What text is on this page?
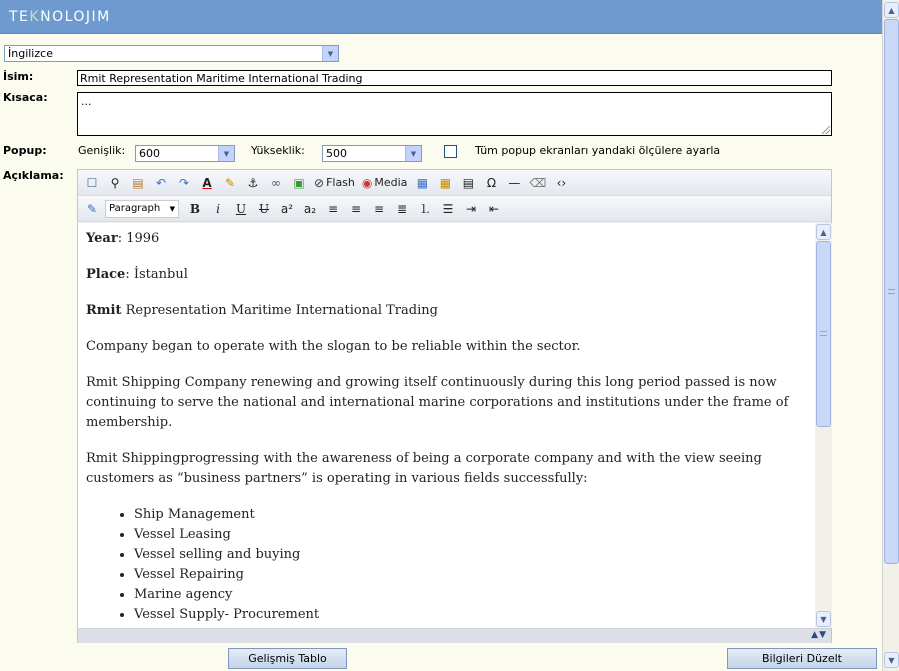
TEKNOLOJIM	▲
▼
İngilizce	▼
İsim:	Rmit Representation Maritime International Trading
Kısaca:	...
Popup:	Genişlik:	600	▼	Yükseklik:	500	▼	Tüm popup ekranları yandaki ölçülere ayarla
Açıklama: ☐ ⚲ ▤ ↶ ↷ A ✎ ⚓ ∞ ▣ ⊘ Flash ◉ Media ▦ ▦ ▤ Ω — ⌫ ‹›
✎ Paragraph ▼ B i U U a² a₂ ≡ ≡ ≡ ≣ ⒈ ☰ ⇥ ⇤

Year: 1996

Place: İstanbul

Rmit Representation Maritime International Trading

Company began to operate with the slogan to be reliable within the sector.

Rmit Shipping Company renewing and growing itself continuously during this long period passed is now continuing to serve the national and international marine corporations and institutions under the frame of membership.

Rmit Shippingprogressing with the awareness of being a corporate company and with the view seeing customers as “business partners” is operating in various fields successfully:

• Ship Management
• Vessel Leasing
• Vessel selling and buying
• Vessel Repairing
• Marine agency
• Vessel Supply- Procurement
•
▲
▼
▲▼
Gelişmiş Tablo	Bilgileri Düzelt
